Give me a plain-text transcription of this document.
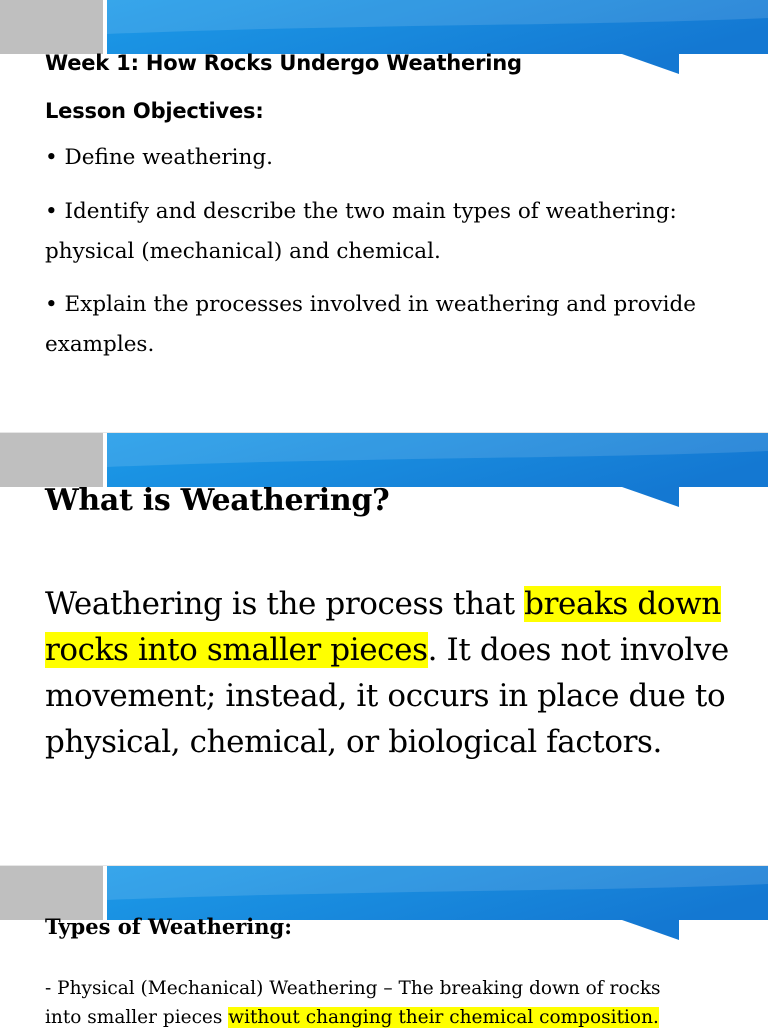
Week 1: How Rocks Undergo Weathering
Lesson Objectives:
• Define weathering.
• Identify and describe the two main types of weathering: physical (mechanical) and chemical.
• Explain the processes involved in weathering and provide examples.
What is Weathering?
Weathering is the process that breaks down rocks into smaller pieces. It does not involve movement; instead, it occurs in place due to physical, chemical, or biological factors.
Types of Weathering:
- Physical (Mechanical) Weathering – The breaking down of rocks
into smaller pieces without changing their chemical composition.
